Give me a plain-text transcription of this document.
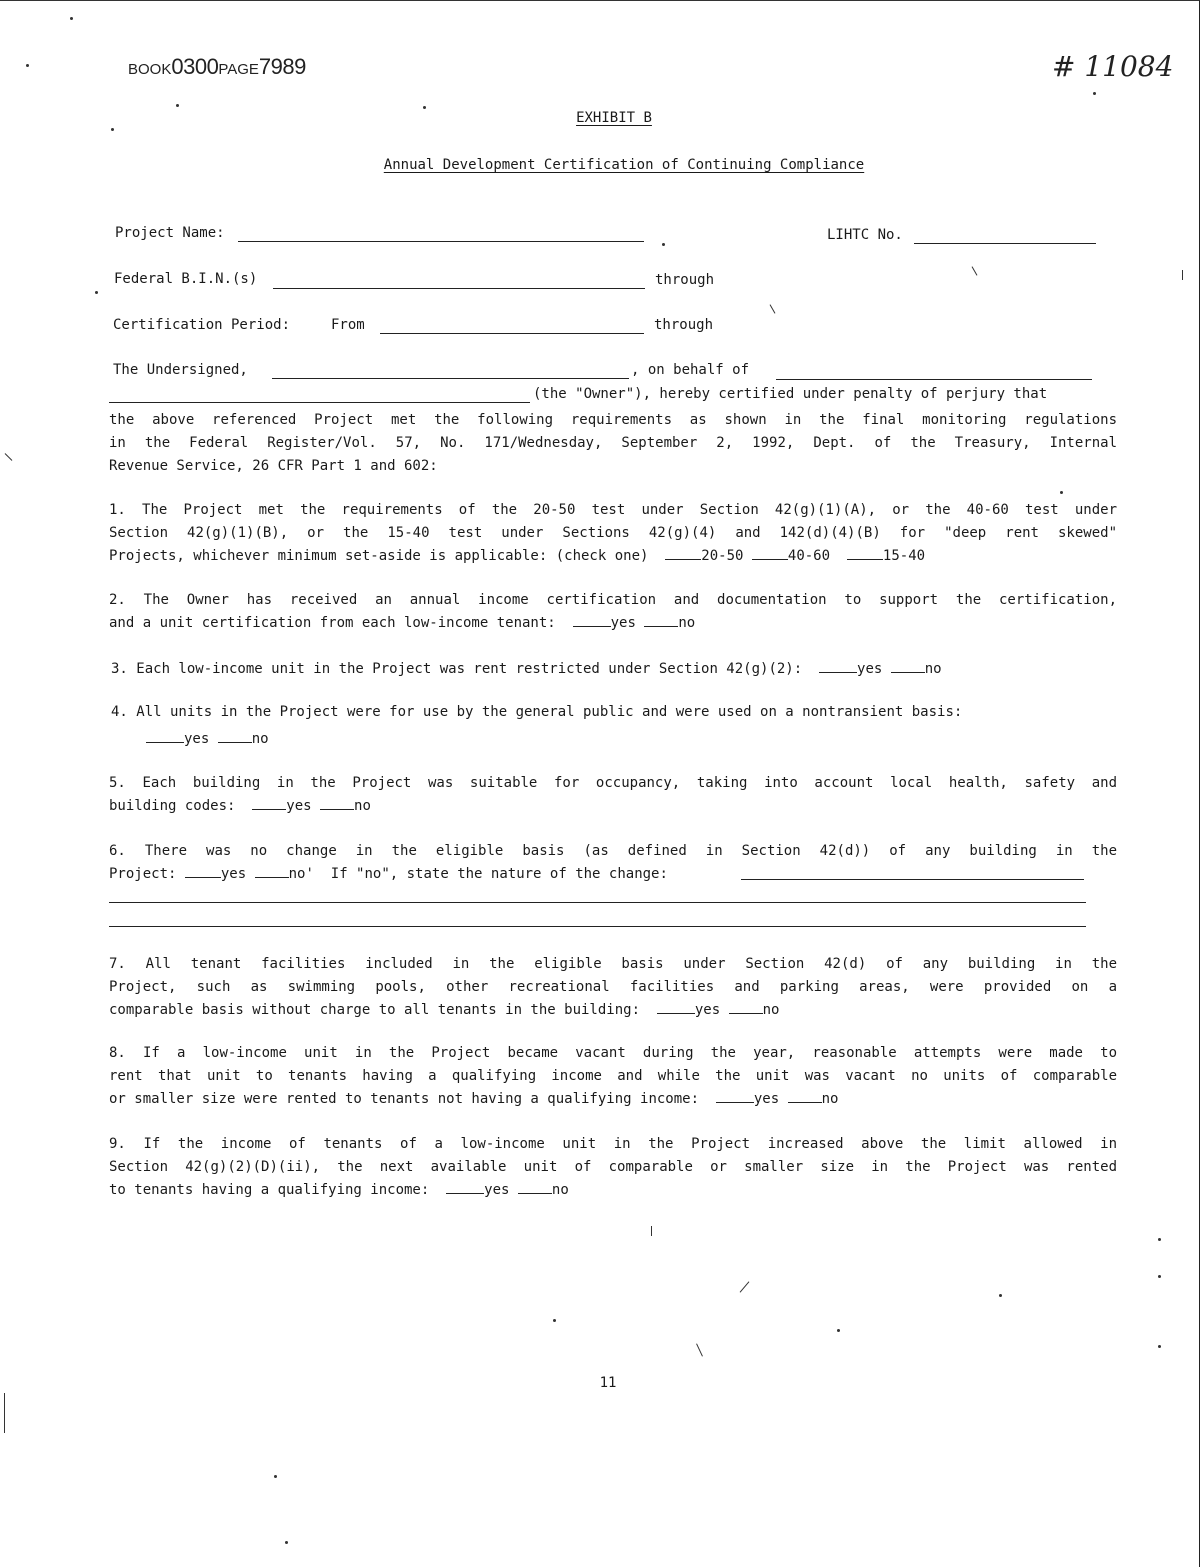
BOOK0300PAGE7989	# 11084
EXHIBIT B
Annual Development Certification of Continuing Compliance
Project Name:	LIHTC No.
Federal B.I.N.(s)	through
Certification Period:	From	through
The Undersigned,	, on behalf of
(the "Owner"), hereby certified under penalty of perjury that
the above referenced Project met the following requirements as shown in the final monitoring regulations
in the Federal Register/Vol. 57, No. 171/Wednesday, September 2, 1992, Dept. of the Treasury, Internal
Revenue Service, 26 CFR Part 1 and 602:
1. The Project met the requirements of the 20-50 test under Section 42(g)(1)(A), or the 40-60 test under
Section 42(g)(1)(B), or the 15-40 test under Sections 42(g)(4) and 142(d)(4)(B) for "deep rent skewed"
Projects, whichever minimum set-aside is applicable: (check one)	20-50	40-60	15-40
2. The Owner has received an annual income certification and documentation to support the certification,
and a unit certification from each low-income tenant:	yes	no
3. Each low-income unit in the Project was rent restricted under Section 42(g)(2):	yes	no
4. All units in the Project were for use by the general public and were used on a nontransient basis:
yes	no
5. Each building in the Project was suitable for occupancy, taking into account local health, safety and
building codes:	yes	no
6. There was no change in the eligible basis (as defined in Section 42(d)) of any building in the
Project:	yes	no' If "no", state the nature of the change:
7. All tenant facilities included in the eligible basis under Section 42(d) of any building in the
Project, such as swimming pools, other recreational facilities and parking areas, were provided on a
comparable basis without charge to all tenants in the building:	yes	no
8. If a low-income unit in the Project became vacant during the year, reasonable attempts were made to
rent that unit to tenants having a qualifying income and while the unit was vacant no units of comparable
or smaller size were rented to tenants not having a qualifying income:	yes	no
9. If the income of tenants of a low-income unit in the Project increased above the limit allowed in
Section 42(g)(2)(D)(ii), the next available unit of comparable or smaller size in the Project was rented
to tenants having a qualifying income:	yes	no
11
